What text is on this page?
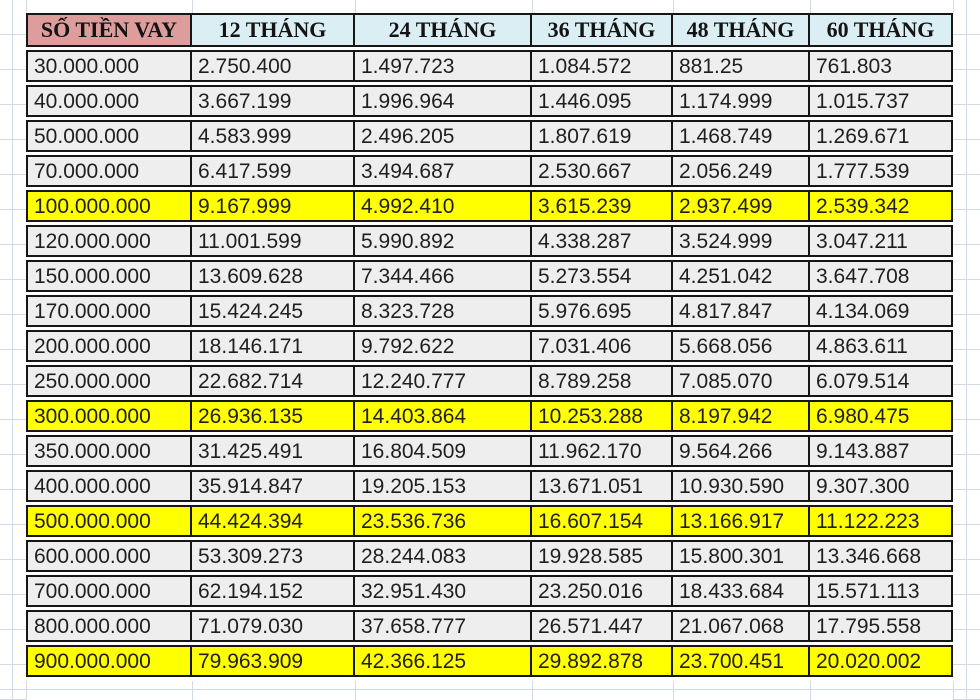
SỐ TIỀN VAY	12 THÁNG	24 THÁNG	36 THÁNG	48 THÁNG	60 THÁNG
30.000.000	2.750.400	1.497.723	1.084.572	881.25	761.803
40.000.000	3.667.199	1.996.964	1.446.095	1.174.999	1.015.737
50.000.000	4.583.999	2.496.205	1.807.619	1.468.749	1.269.671
70.000.000	6.417.599	3.494.687	2.530.667	2.056.249	1.777.539
100.000.000	9.167.999	4.992.410	3.615.239	2.937.499	2.539.342
120.000.000	11.001.599	5.990.892	4.338.287	3.524.999	3.047.211
150.000.000	13.609.628	7.344.466	5.273.554	4.251.042	3.647.708
170.000.000	15.424.245	8.323.728	5.976.695	4.817.847	4.134.069
200.000.000	18.146.171	9.792.622	7.031.406	5.668.056	4.863.611
250.000.000	22.682.714	12.240.777	8.789.258	7.085.070	6.079.514
300.000.000	26.936.135	14.403.864	10.253.288	8.197.942	6.980.475
350.000.000	31.425.491	16.804.509	11.962.170	9.564.266	9.143.887
400.000.000	35.914.847	19.205.153	13.671.051	10.930.590	9.307.300
500.000.000	44.424.394	23.536.736	16.607.154	13.166.917	11.122.223
600.000.000	53.309.273	28.244.083	19.928.585	15.800.301	13.346.668
700.000.000	62.194.152	32.951.430	23.250.016	18.433.684	15.571.113
800.000.000	71.079.030	37.658.777	26.571.447	21.067.068	17.795.558
900.000.000	79.963.909	42.366.125	29.892.878	23.700.451	20.020.002
